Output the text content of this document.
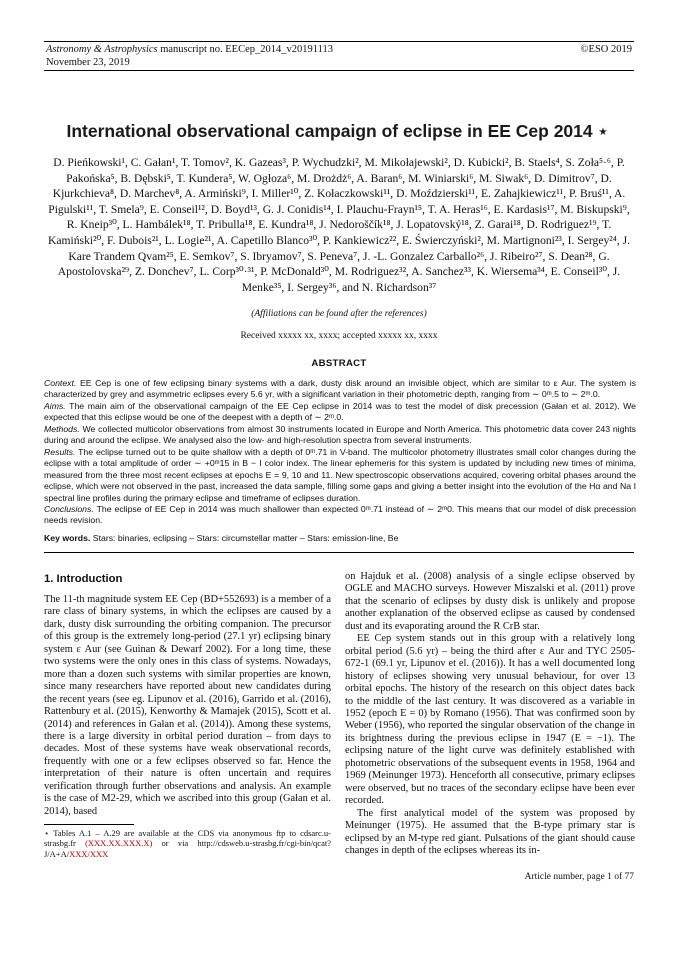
Astronomy & Astrophysics manuscript no. EECep_2014_v20191113
November 23, 2019
©ESO 2019
International observational campaign of eclipse in EE Cep 2014 ⋆
D. Pieńkowski¹, C. Gałan¹, T. Tomov², K. Gazeas³, P. Wychudzki², M. Mikołajewski², D. Kubicki², B. Staels⁴, S. Zoła⁵·⁶, P. Pakońska⁵, B. Dębski⁵, T. Kundera⁵, W. Ogłoza⁶, M. Drożdż⁶, A. Baran⁶, M. Winiarski⁶, M. Siwak⁶, D. Dimitrov⁷, D. Kjurkchieva⁸, D. Marchev⁸, A. Armiński⁹, I. Miller¹⁰, Z. Kołaczkowski¹¹, D. Moździerski¹¹, E. Zahajkiewicz¹¹, P. Bruś¹¹, A. Pigulski¹¹, T. Smela⁹, E. Conseil¹², D. Boyd¹³, G. J. Conidis¹⁴, I. Plauchu-Frayn¹⁵, T. A. Heras¹⁶, E. Kardasis¹⁷, M. Biskupski⁹, R. Kneip³⁰, L. Hambálek¹⁸, T. Pribulla¹⁸, E. Kundra¹⁸, J. Nedoroščík¹⁸, J. Lopatovský¹⁸, Z. Garai¹⁸, D. Rodriguez¹⁹, T. Kamiński²⁰, F. Dubois²¹, L. Logie²¹, A. Capetillo Blanco³⁰, P. Kankiewicz²², E. Świerczyński², M. Martignoni²³, I. Sergey²⁴, J. Kare Trandem Qvam²⁵, E. Semkov⁷, S. Ibryamov⁷, S. Peneva⁷, J. -L. Gonzalez Carballo²⁶, J. Ribeiro²⁷, S. Dean²⁸, G. Apostolovska²⁹, Z. Donchev⁷, L. Corp³⁰·³¹, P. McDonald³⁰, M. Rodriguez³², A. Sanchez³³, K. Wiersema³⁴, E. Conseil³⁰, J. Menke³⁵, I. Sergey³⁶, and N. Richardson³⁷
(Affiliations can be found after the references)
Received xxxxx xx, xxxx; accepted xxxxx xx, xxxx
ABSTRACT

Context. EE Cep is one of few eclipsing binary systems with a dark, dusty disk around an invisible object, which are similar to ε Aur. The system is characterized by grey and asymmetric eclipses every 5.6 yr, with a significant variation in their photometric depth, ranging from ∼ 0ᵐ.5 to ∼ 2ᵐ.0.

Aims. The main aim of the observational campaign of the EE Cep eclipse in 2014 was to test the model of disk precession (Gałan et al. 2012). We expected that this eclipse would be one of the deepest with a depth of ∼ 2ᵐ.0.

Methods. We collected multicolor observations from almost 30 instruments located in Europe and North America. This photometric data cover 243 nights during and around the eclipse. We analysed also the low- and high-resolution spectra from several instruments.

Results. The eclipse turned out to be quite shallow with a depth of 0ᵐ.71 in V-band. The multicolor photometry illustrates small color changes during the eclipse with a total amplitude of order ∼ +0ᵐ15 in B − I color index. The linear ephemeris for this system is updated by including new times of minima, measured from the three most recent eclipses at epochs E = 9, 10 and 11. New spectroscopic observations acquired, covering orbital phases around the eclipse, which were not observed in the past, increased the data sample, filling some gaps and giving a better insight into the evolution of the Hα and Na I spectral line profiles during the primary eclipse and timeframe of eclipses duration.

Conclusions. The eclipse of EE Cep in 2014 was much shallower than expected 0ᵐ.71 instead of ∼ 2ᵐ0. This means that our model of disk precession needs revision.

Key words. Stars: binaries, eclipsing – Stars: circumstellar matter – Stars: emission-line, Be
1. Introduction

The 11-th magnitude system EE Cep (BD+552693) is a member of a rare class of binary systems, in which the eclipses are caused by a dark, dusty disk surrounding the orbiting companion. The precursor of this group is the extremely long-period (27.1 yr) eclipsing binary system ε Aur (see Guinan & Dewarf 2002). For a long time, these two systems were the only ones in this class of systems. Nowadays, more than a dozen such systems with similar properties are known, since many researchers have reported about new candidates during the recent years (see eg. Lipunov et al. (2016), Garrido et al. (2016), Rattenbury et al. (2015), Kenworthy & Mamajek (2015), Scott et al. (2014) and references in Gałan et al. (2014)). Among these systems, there is a large diversity in orbital period duration – from days to decades. Most of these systems have weak observational records, frequently with one or a few eclipses observed so far. Hence the interpretation of their nature is often uncertain and requires verification through further observations and analysis. An example is the case of M2-29, which we ascribed into this group (Gałan et al. 2014), based

on Hajduk et al. (2008) analysis of a single eclipse observed by OGLE and MACHO surveys. However Miszalski et al. (2011) prove that the scenario of eclipses by dusty disk is unlikely and propose another explanation of the observed eclipse as caused by condensed dust and its evaporating around the R CrB star.

EE Cep system stands out in this group with a relatively long orbital period (5.6 yr) – being the third after ε Aur and TYC 2505-672-1 (69.1 yr, Lipunov et el. (2016)). It has a well documented long history of eclipses showing very unusual behaviour, for over 13 orbital epochs. The history of the research on this object dates back to the middle of the last century. It was discovered as a variable in 1952 (epoch E = 0) by Romano (1956). That was confirmed soon by Weber (1956), who reported the singular observation of the change in its brightness during the previous eclipse in 1947 (E = −1). The eclipsing nature of the light curve was definitely established with photometric observations of the subsequent events in 1958, 1964 and 1969 (Meinunger 1973). Henceforth all consecutive, primary eclipses were observed, but no traces of the secondary eclipse have been ever recorded.

The first analytical model of the system was proposed by Meinunger (1975). He assumed that the B-type primary star is eclipsed by an M-type red giant. Pulsations of the giant should cause changes in depth of the eclipses whereas its in-

⋆ Tables A.1 – A.29 are available at the CDS via anonymous ftp to cdsarc.u-strasbg.fr (XXX.XX.XXX.X) or via http://cdsweb.u-strasbg.fr/cgi-bin/qcat?J/A+A/XXX/XXX
Article number, page 1 of 77
